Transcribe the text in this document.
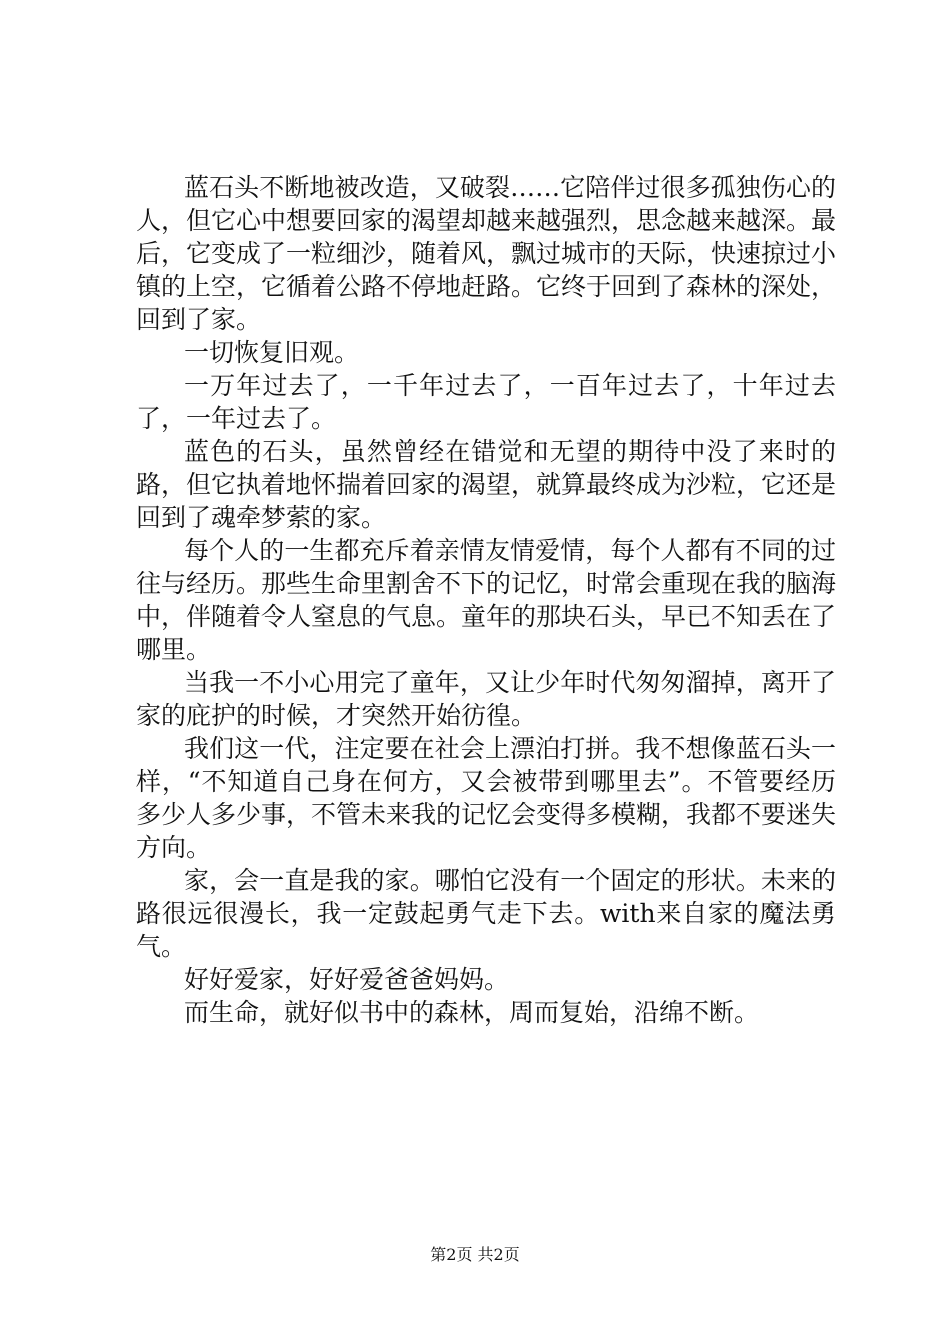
蓝石头不断地被改造，又破裂……它陪伴过很多孤独伤心的人，但它心中想要回家的渴望却越来越强烈，思念越来越深。最后，它变成了一粒细沙，随着风，飘过城市的天际，快速掠过小镇的上空，它循着公路不停地赶路。它终于回到了森林的深处，回到了家。

一切恢复旧观。

一万年过去了，一千年过去了，一百年过去了，十年过去了，一年过去了。

蓝色的石头，虽然曾经在错觉和无望的期待中没了来时的路，但它执着地怀揣着回家的渴望，就算最终成为沙粒，它还是回到了魂牵梦萦的家。

每个人的一生都充斥着亲情友情爱情，每个人都有不同的过往与经历。那些生命里割舍不下的记忆，时常会重现在我的脑海中，伴随着令人窒息的气息。童年的那块石头，早已不知丢在了哪里。

当我一不小心用完了童年，又让少年时代匆匆溜掉，离开了家的庇护的时候，才突然开始彷徨。

我们这一代，注定要在社会上漂泊打拼。我不想像蓝石头一样，“不知道自己身在何方，又会被带到哪里去”。不管要经历多少人多少事，不管未来我的记忆会变得多模糊，我都不要迷失方向。

家，会一直是我的家。哪怕它没有一个固定的形状。未来的路很远很漫长，我一定鼓起勇气走下去。with来自家的魔法勇气。

好好爱家，好好爱爸爸妈妈。

而生命，就好似书中的森林，周而复始，沿绵不断。

第2页 共2页
